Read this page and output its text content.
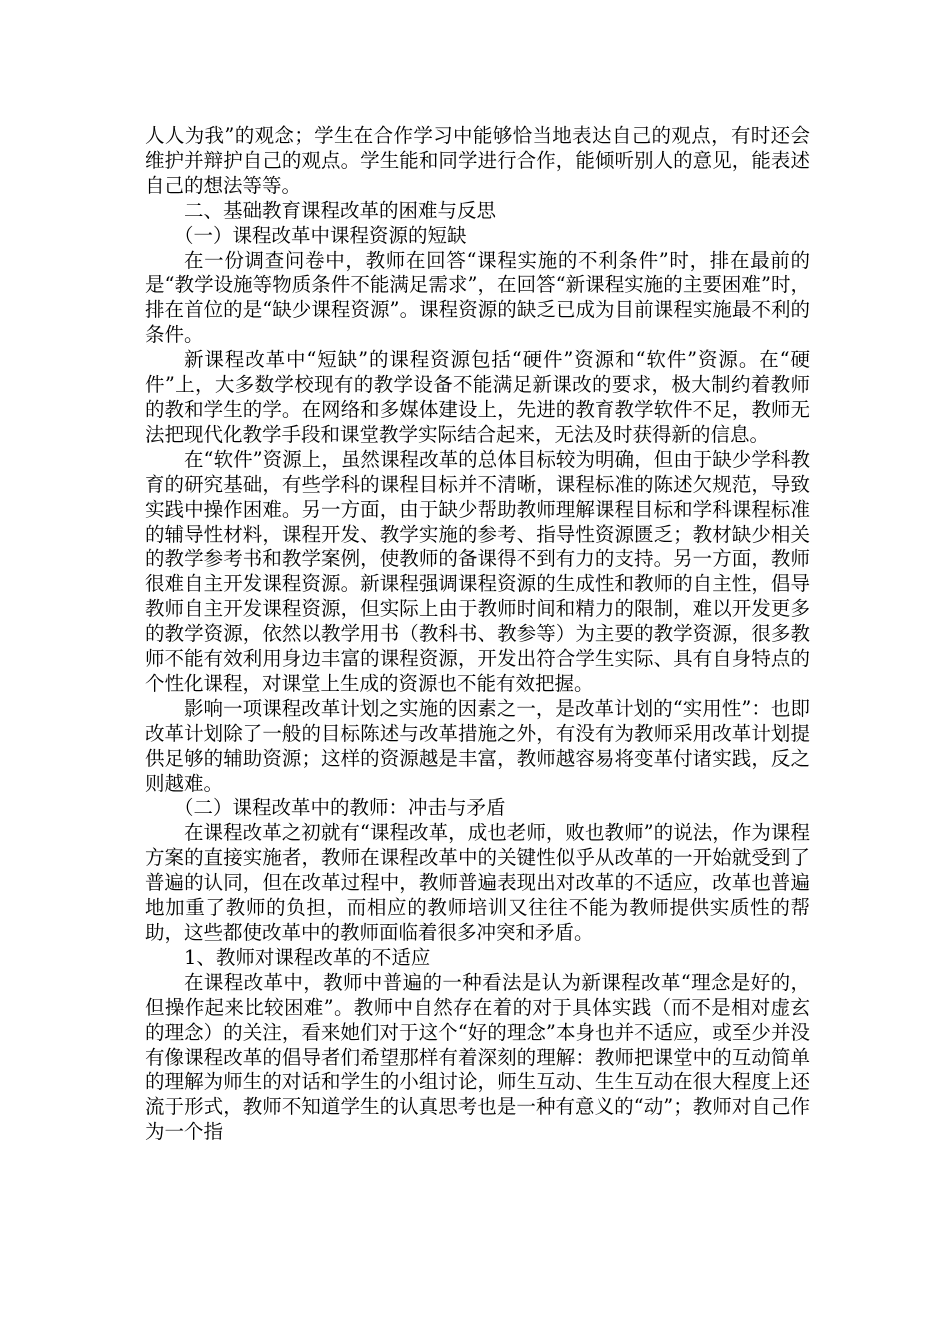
人人为我”的观念；学生在合作学习中能够恰当地表达自己的观点，有时还会维护并辩护自己的观点。学生能和同学进行合作，能倾听别人的意见，能表述自己的想法等等。

二、基础教育课程改革的困难与反思

（一）课程改革中课程资源的短缺

在一份调查问卷中，教师在回答“课程实施的不利条件”时，排在最前的是“教学设施等物质条件不能满足需求”，在回答“新课程实施的主要困难”时，排在首位的是“缺少课程资源”。课程资源的缺乏已成为目前课程实施最不利的条件。

新课程改革中“短缺”的课程资源包括“硬件”资源和“软件”资源。在“硬件”上，大多数学校现有的教学设备不能满足新课改的要求，极大制约着教师的教和学生的学。在网络和多媒体建设上，先进的教育教学软件不足，教师无法把现代化教学手段和课堂教学实际结合起来，无法及时获得新的信息。

在“软件”资源上，虽然课程改革的总体目标较为明确，但由于缺少学科教育的研究基础，有些学科的课程目标并不清晰，课程标准的陈述欠规范，导致实践中操作困难。另一方面，由于缺少帮助教师理解课程目标和学科课程标准的辅导性材料，课程开发、教学实施的参考、指导性资源匮乏；教材缺少相关的教学参考书和教学案例，使教师的备课得不到有力的支持。另一方面，教师很难自主开发课程资源。新课程强调课程资源的生成性和教师的自主性，倡导教师自主开发课程资源，但实际上由于教师时间和精力的限制，难以开发更多的教学资源，依然以教学用书（教科书、教参等）为主要的教学资源，很多教师不能有效利用身边丰富的课程资源，开发出符合学生实际、具有自身特点的个性化课程，对课堂上生成的资源也不能有效把握。

影响一项课程改革计划之实施的因素之一，是改革计划的“实用性”：也即改革计划除了一般的目标陈述与改革措施之外，有没有为教师采用改革计划提供足够的辅助资源；这样的资源越是丰富，教师越容易将变革付诸实践，反之则越难。

（二）课程改革中的教师：冲击与矛盾

在课程改革之初就有“课程改革，成也老师，败也教师”的说法，作为课程方案的直接实施者，教师在课程改革中的关键性似乎从改革的一开始就受到了普遍的认同，但在改革过程中，教师普遍表现出对改革的不适应，改革也普遍地加重了教师的负担，而相应的教师培训又往往不能为教师提供实质性的帮助，这些都使改革中的教师面临着很多冲突和矛盾。

1、教师对课程改革的不适应

在课程改革中，教师中普遍的一种看法是认为新课程改革“理念是好的，但操作起来比较困难”。教师中自然存在着的对于具体实践（而不是相对虚玄的理念）的关注，看来她们对于这个“好的理念”本身也并不适应，或至少并没有像课程改革的倡导者们希望那样有着深刻的理解：教师把课堂中的互动简单的理解为师生的对话和学生的小组讨论，师生互动、生生互动在很大程度上还流于形式，教师不知道学生的认真思考也是一种有意义的“动”；教师对自己作为一个指
